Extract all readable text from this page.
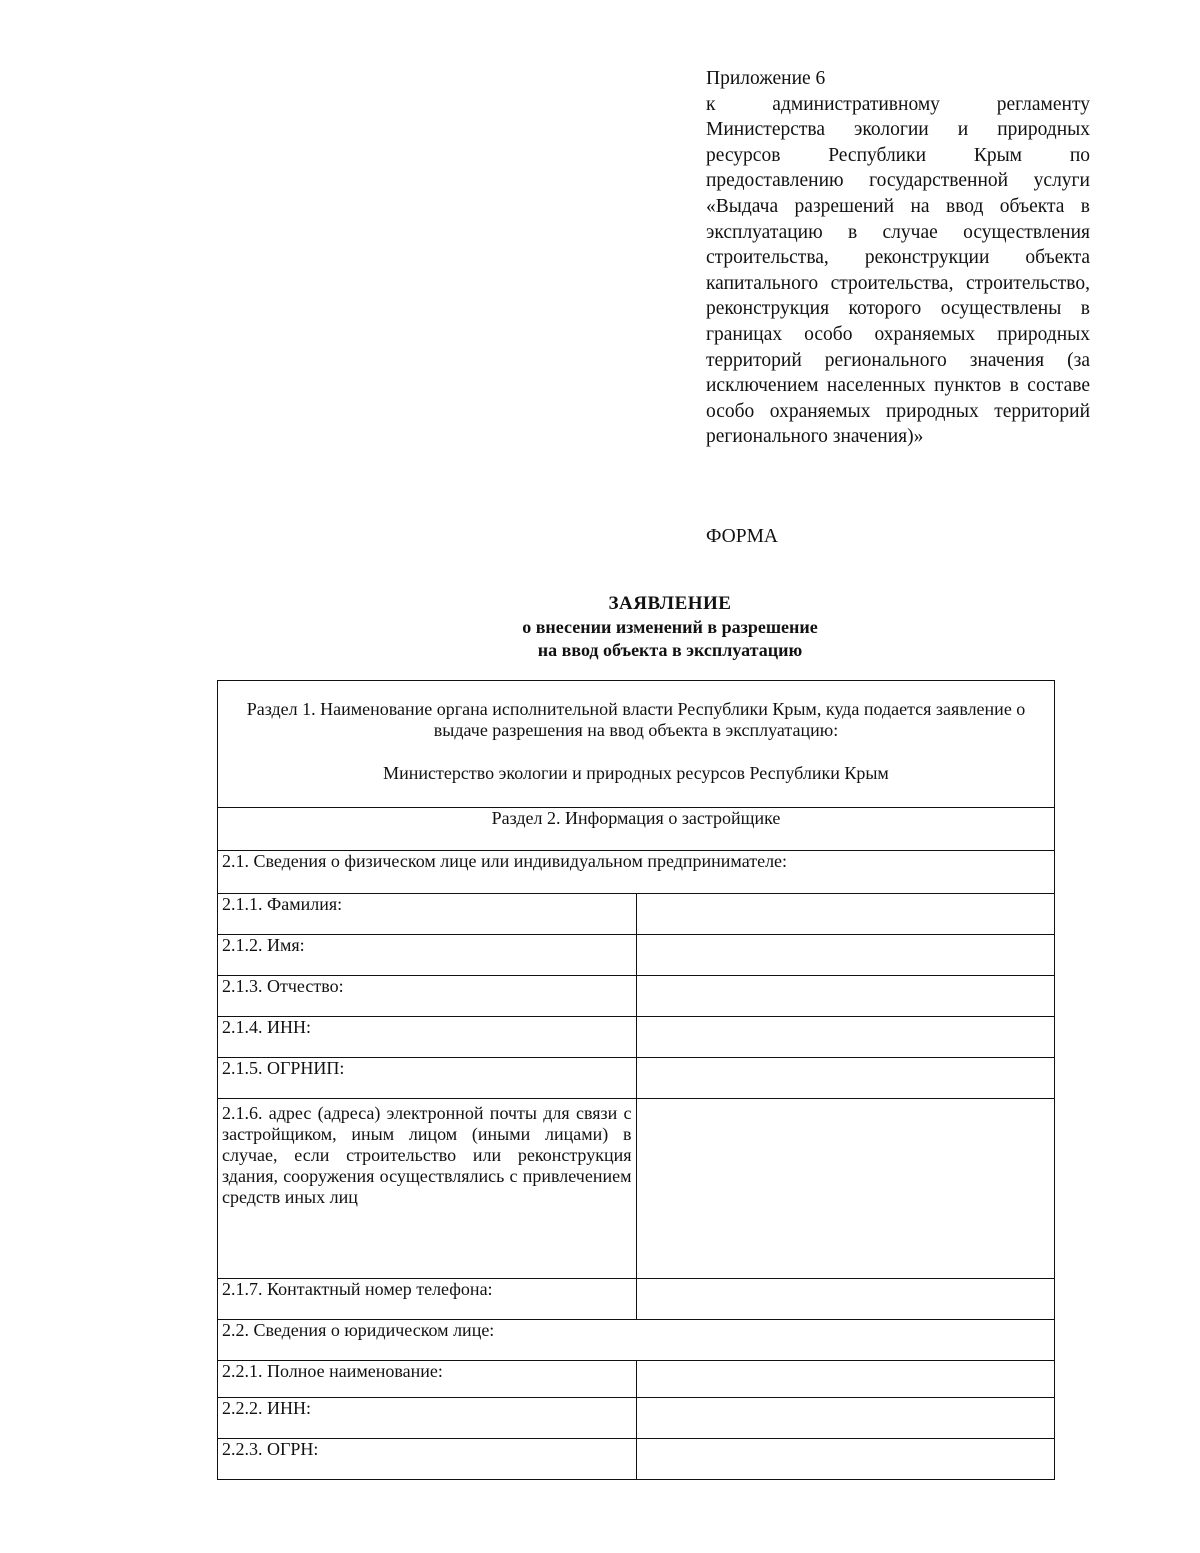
Приложение 6
к административному регламенту Министерства экологии и природных ресурсов Республики Крым по предоставлению государственной услуги «Выдача разрешений на ввод объекта в эксплуатацию в случае осуществления строительства, реконструкции объекта капитального строительства, строительство, реконструкция которого осуществлены в границах особо охраняемых природных территорий регионального значения (за исключением населенных пунктов в составе особо охраняемых природных территорий регионального значения)»
ФОРМА
ЗАЯВЛЕНИЕ
о внесении изменений в разрешение
на ввод объекта в эксплуатацию
Раздел 1. Наименование органа исполнительной власти Республики Крым, куда подается заявление о выдаче разрешения на ввод объекта в эксплуатацию:
Министерство экологии и природных ресурсов Республики Крым	

Раздел 2. Информация о застройщике	
2.1. Сведения о физическом лице или индивидуальном предпринимателе:	
2.1.1. Фамилия:	
2.1.2. Имя:	
2.1.3. Отчество:	
2.1.4. ИНН:	
2.1.5. ОГРНИП:	
2.1.6. адрес (адреса) электронной почты для связи с застройщиком, иным лицом (иными лицами) в случае, если строительство или реконструкция здания, сооружения осуществлялись с привлечением средств иных лиц	
2.1.7. Контактный номер телефона:	
2.2. Сведения о юридическом лице:	
2.2.1. Полное наименование:	
2.2.2. ИНН:	
2.2.3. ОГРН:	
